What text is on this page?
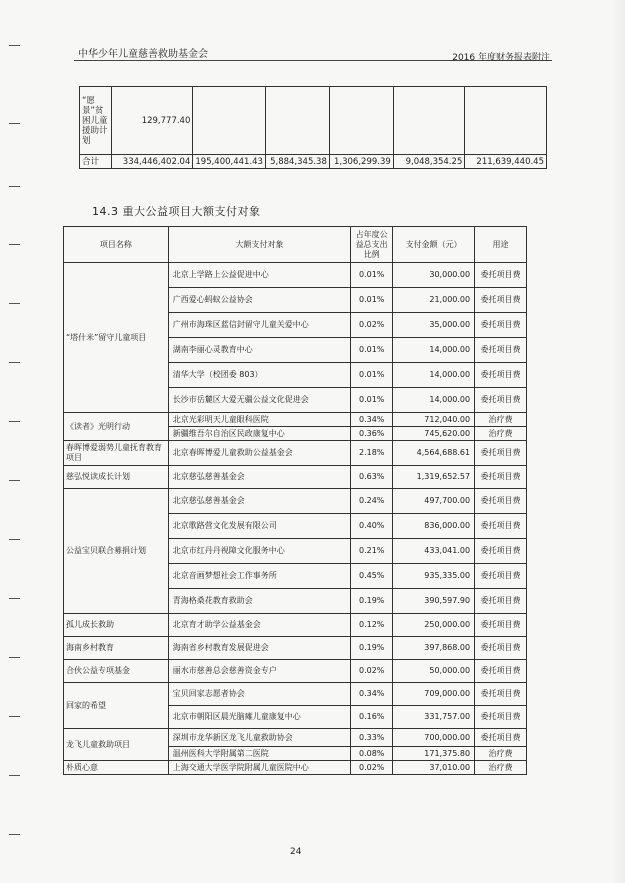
中华少年儿童慈善救助基金会	2016 年度财务报表附注
“愿景”贫困儿童援助计划	129,777.40					
合计	334,446,402.04	195,400,441.43	5,884,345.38	1,306,299.39	9,048,354.25	211,639,440.45
14.3 重大公益项目大额支付对象
项目名称	大额支付对象	占年度公益总支出比例	支付金额（元）	用途
“塔什米”留守儿童项目	北京上学路上公益促进中心	0.01%	30,000.00	委托项目费
	广西爱心蚂蚁公益协会	0.01%	21,000.00	委托项目费
	广州市海珠区蓝信封留守儿童关爱中心	0.02%	35,000.00	委托项目费
	湖南李丽心灵教育中心	0.01%	14,000.00	委托项目费
	清华大学（校团委 803）	0.01%	14,000.00	委托项目费
	长沙市岳麓区大爱无疆公益文化促进会	0.01%	14,000.00	委托项目费
《读者》光明行动	北京光彩明天儿童眼科医院	0.34%	712,040.00	治疗费
	新疆维吾尔自治区民政康复中心	0.36%	745,620.00	治疗费
春晖博爱弱势儿童抚育教育项目	北京春晖博爱儿童救助公益基金会	2.18%	4,564,688.61	委托项目费
慈弘悦读成长计划	北京慈弘慈善基金会	0.63%	1,319,652.57	委托项目费
公益宝贝联合募捐计划	北京慈弘慈善基金会	0.24%	497,700.00	委托项目费
	北京歌路营文化发展有限公司	0.40%	836,000.00	委托项目费
	北京市红丹丹视障文化服务中心	0.21%	433,041.00	委托项目费
	北京音画梦想社会工作事务所	0.45%	935,335.00	委托项目费
	青海格桑花教育救助会	0.19%	390,597.90	委托项目费
孤儿成长救助	北京育才助学公益基金会	0.12%	250,000.00	委托项目费
海南乡村教育	海南省乡村教育发展促进会	0.19%	397,868.00	委托项目费
合伙公益专项基金	丽水市慈善总会慈善资金专户	0.02%	50,000.00	委托项目费
回家的希望	宝贝回家志愿者协会	0.34%	709,000.00	委托项目费
	北京市朝阳区晨光脑瘫儿童康复中心	0.16%	331,757.00	委托项目费
龙飞儿童救助项目	深圳市龙华新区龙飞儿童救助协会	0.33%	700,000.00	委托项目费
	温州医科大学附属第二医院	0.08%	171,375.80	治疗费
朴质心意	上海交通大学医学院附属儿童医院中心	0.02%	37,010.00	治疗费
24
